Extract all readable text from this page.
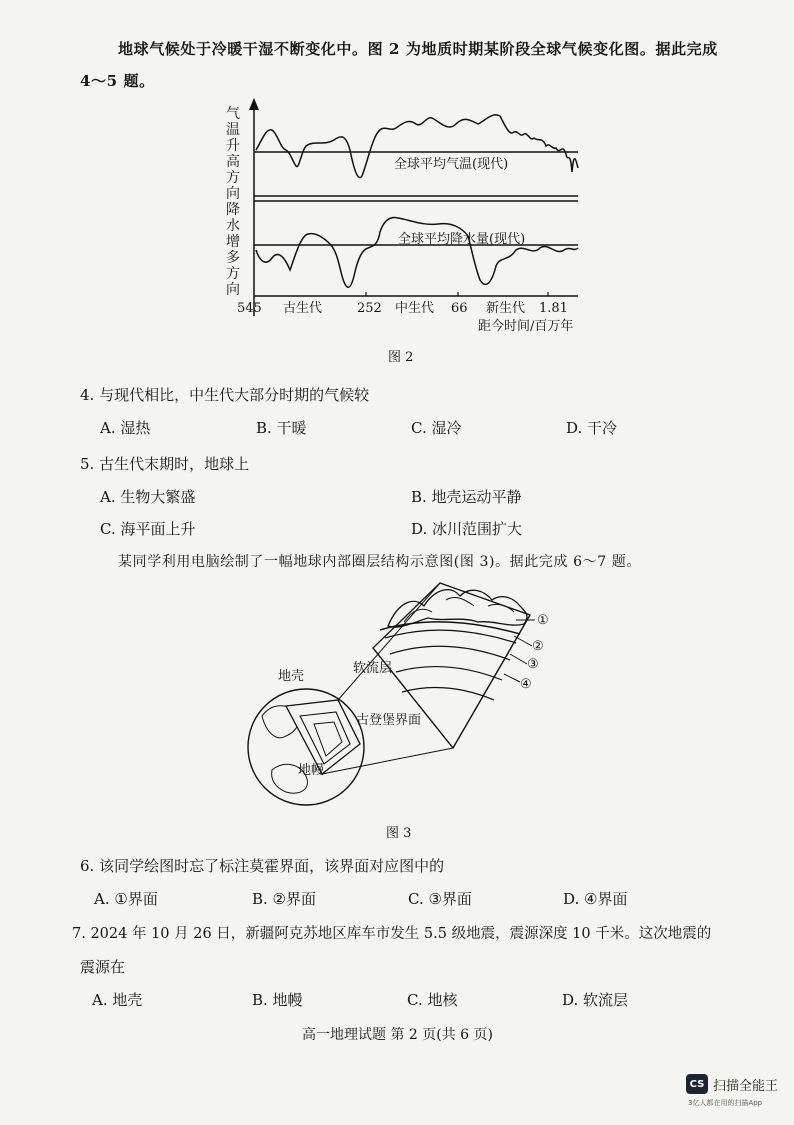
地球气候处于冷暖干湿不断变化中。图 2 为地质时期某阶段全球气候变化图。据此完成
4～5 题。
气
温
升
高
方
向
降
水
增
多
方
向
全球平均气温(现代)
全球平均降水量(现代)
545 古生代	252 中生代 66 新生代 1.81
距今时间/百万年
图 2
4. 与现代相比，中生代大部分时期的气候较
A. 湿热	B. 干暖	C. 湿冷	D. 干冷
5. 古生代末期时，地球上
A. 生物大繁盛	B. 地壳运动平静
C. 海平面上升	D. 冰川范围扩大
某同学利用电脑绘制了一幅地球内部圈层结构示意图(图 3)。据此完成 6～7 题。
地壳
软流层
古登堡界面
地幔
①
②
③
④
图 3
6. 该同学绘图时忘了标注莫霍界面，该界面对应图中的
A. ①界面	B. ②界面	C. ③界面	D. ④界面
7. 2024 年 10 月 26 日，新疆阿克苏地区库车市发生 5.5 级地震，震源深度 10 千米。这次地震的
震源在
A. 地壳	B. 地幔	C. 地核	D. 软流层
高一地理试题 第 2 页(共 6 页)
CS 扫描全能王
3亿人都在用的扫描App
